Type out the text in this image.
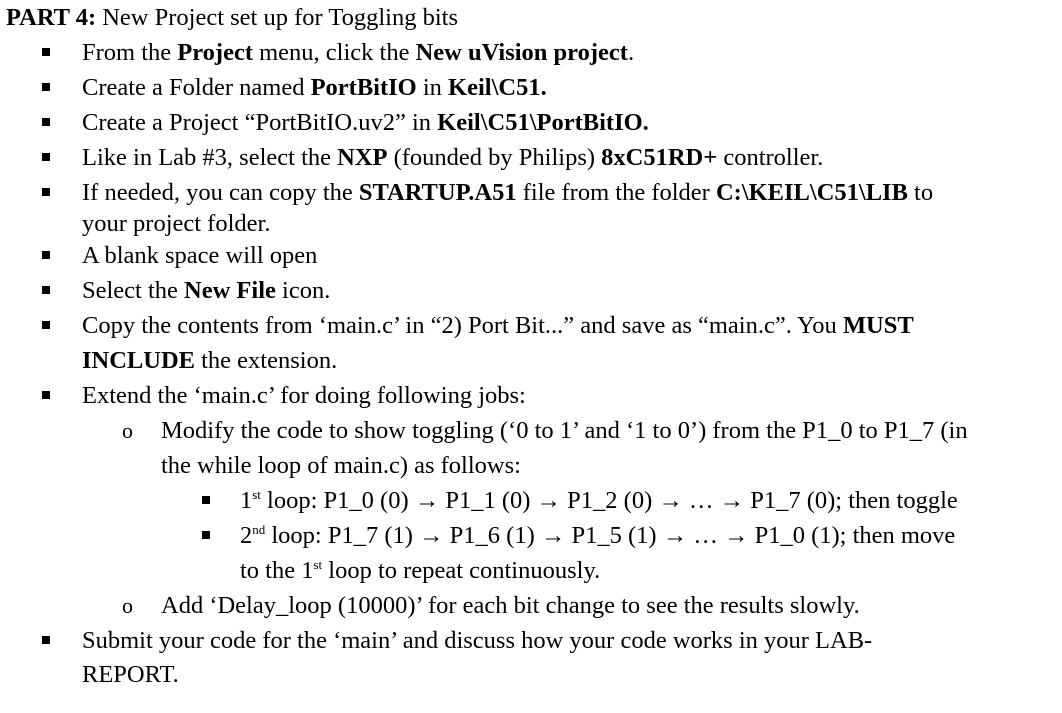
PART 4: New Project set up for Toggling bits
From the Project menu, click the New uVision project.
Create a Folder named PortBitIO in Keil\C51.
Create a Project “PortBitIO.uv2” in Keil\C51\PortBitIO.
Like in Lab #3, select the NXP (founded by Philips) 8xC51RD+ controller.
If needed, you can copy the STARTUP.A51 file from the folder C:\KEIL\C51\LIB to
your project folder.
A blank space will open
Select the New File icon.
Copy the contents from ‘main.c’ in “2) Port Bit...” and save as “main.c”. You MUST
INCLUDE the extension.
Extend the ‘main.c’ for doing following jobs:
o Modify the code to show toggling (‘0 to 1’ and ‘1 to 0’) from the P1_0 to P1_7 (in
the while loop of main.c) as follows:
1st loop: P1_0 (0) → P1_1 (0) → P1_2 (0) → … → P1_7 (0); then toggle
2nd loop: P1_7 (1) → P1_6 (1) → P1_5 (1) → … → P1_0 (1); then move
to the 1st loop to repeat continuously.
o Add ‘Delay_loop (10000)’ for each bit change to see the results slowly.
Submit your code for the ‘main’ and discuss how your code works in your LAB-
REPORT.
